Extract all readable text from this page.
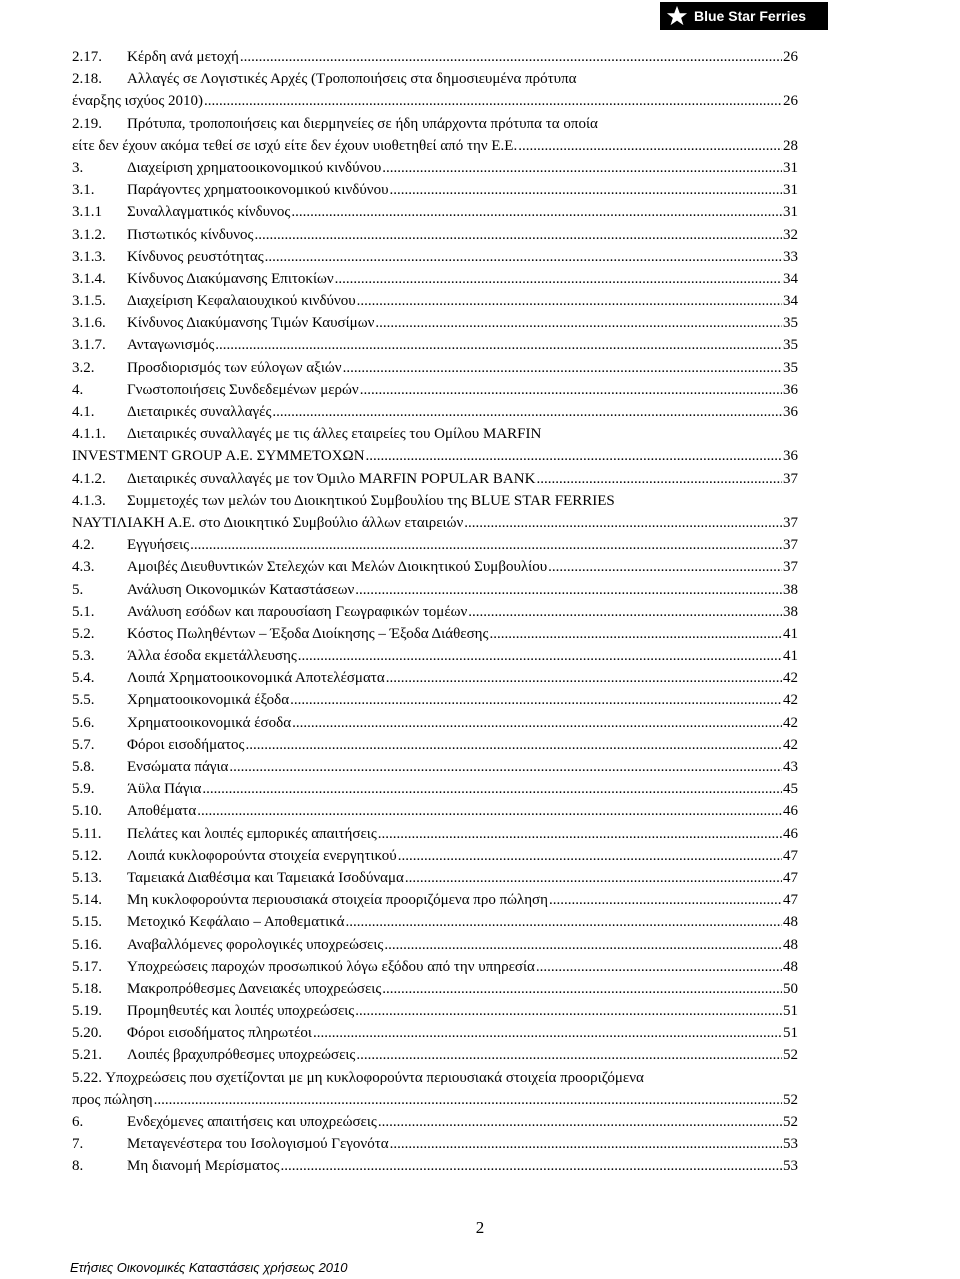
Blue Star Ferries
2.17.	Κέρδη ανά μετοχή .....	26
2.18.	Αλλαγές σε Λογιστικές Αρχές (Τροποποιήσεις στα δημοσιευμένα πρότυπα
έναρξης ισχύος 2010) .....	26
2.19.	Πρότυπα, τροποποιήσεις και διερμηνείες σε ήδη υπάρχοντα πρότυπα τα οποία
είτε δεν έχουν ακόμα τεθεί σε ισχύ είτε δεν έχουν υιοθετηθεί από την Ε.Ε. .....	28
3.	Διαχείριση χρηματοοικονομικού κινδύνου .....	31
3.1.	Παράγοντες χρηματοοικονομικού κινδύνου .....	31
3.1.1	Συναλλαγματικός κίνδυνος .....	31
3.1.2.	Πιστωτικός κίνδυνος .....	32
3.1.3.	Κίνδυνος ρευστότητας .....	33
3.1.4.	Κίνδυνος Διακύμανσης Επιτοκίων .....	34
3.1.5.	Διαχείριση Κεφαλαιουχικού κινδύνου .....	34
3.1.6.	Κίνδυνος Διακύμανσης Τιμών Καυσίμων .....	35
3.1.7.	Ανταγωνισμός .....	35
3.2.	Προσδιορισμός των εύλογων αξιών .....	35
4.	Γνωστοποιήσεις Συνδεδεμένων μερών .....	36
4.1.	Διεταιρικές συναλλαγές .....	36
4.1.1.	Διεταιρικές συναλλαγές με τις άλλες εταιρείες του Ομίλου MARFIN
INVESTMENT GROUP Α.Ε. ΣΥΜΜΕΤΟΧΩΝ .....	36
4.1.2.	Διεταιρικές συναλλαγές με τον Όμιλο MARFIN POPULAR BANK .....	37
4.1.3.	Συμμετοχές των μελών του Διοικητικού Συμβουλίου της BLUE STAR FERRIES
ΝΑΥΤΙΛΙΑΚΗ Α.Ε. στο Διοικητικό Συμβούλιο άλλων εταιρειών .....	37
4.2.	Εγγυήσεις .....	37
4.3.	Αμοιβές Διευθυντικών Στελεχών και Μελών Διοικητικού Συμβουλίου .....	37
5.	Ανάλυση Οικονομικών Καταστάσεων .....	38
5.1.	Ανάλυση εσόδων και παρουσίαση Γεωγραφικών τομέων .....	38
5.2.	Κόστος Πωληθέντων – Έξοδα Διοίκησης – Έξοδα Διάθεσης .....	41
5.3.	Άλλα έσοδα εκμετάλλευσης .....	41
5.4.	Λοιπά Χρηματοοικονομικά Αποτελέσματα .....	42
5.5.	Χρηματοοικονομικά έξοδα .....	42
5.6.	Χρηματοοικονομικά έσοδα .....	42
5.7.	Φόροι εισοδήματος .....	42
5.8.	Ενσώματα πάγια .....	43
5.9.	Άϋλα Πάγια .....	45
5.10.	Αποθέματα .....	46
5.11.	Πελάτες και λοιπές εμπορικές απαιτήσεις .....	46
5.12.	Λοιπά κυκλοφορούντα στοιχεία ενεργητικού .....	47
5.13.	Ταμειακά Διαθέσιμα και Ταμειακά Ισοδύναμα .....	47
5.14.	Μη κυκλοφορούντα περιουσιακά στοιχεία προοριζόμενα προ πώληση .....	47
5.15.	Μετοχικό Κεφάλαιο – Αποθεματικά .....	48
5.16.	Αναβαλλόμενες φορολογικές υποχρεώσεις .....	48
5.17.	Υποχρεώσεις παροχών προσωπικού λόγω εξόδου από την υπηρεσία .....	48
5.18.	Μακροπρόθεσμες Δανειακές υποχρεώσεις .....	50
5.19.	Προμηθευτές και λοιπές υποχρεώσεις .....	51
5.20.	Φόροι εισοδήματος πληρωτέοι .....	51
5.21.	Λοιπές βραχυπρόθεσμες υποχρεώσεις .....	52
5.22. Υποχρεώσεις που σχετίζονται με μη κυκλοφορούντα περιουσιακά στοιχεία προοριζόμενα
προς πώληση .....	52
6.	Ενδεχόμενες απαιτήσεις και υποχρεώσεις .....	52
7.	Μεταγενέστερα του Ισολογισμού Γεγονότα .....	53
8.	Μη διανομή Μερίσματος .....	53
2
Ετήσιες Οικονομικές Καταστάσεις χρήσεως 2010
